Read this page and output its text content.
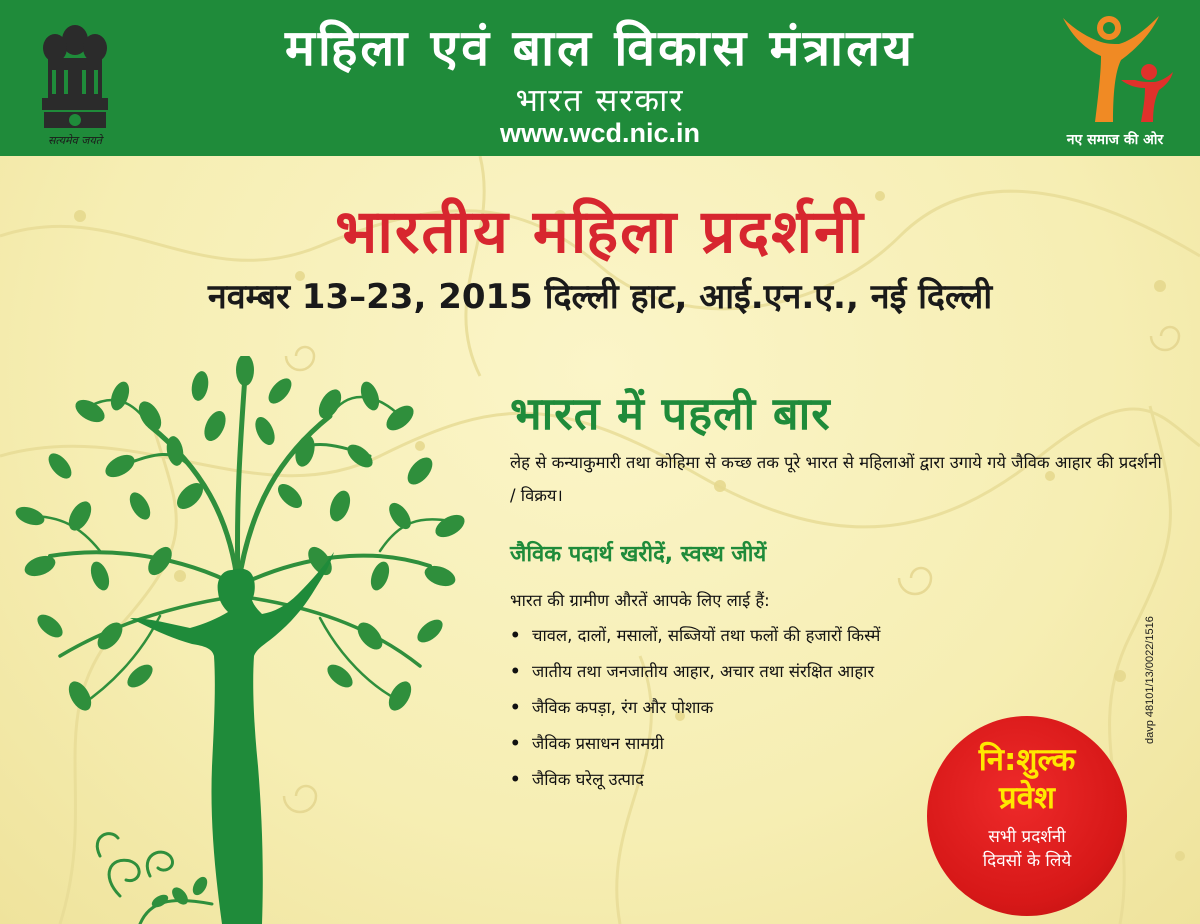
सत्यमेव जयते
महिला एवं बाल विकास मंत्रालय
भारत सरकार
www.wcd.nic.in	नए समाज की ओर
भारतीय महिला प्रदर्शनी
नवम्बर 13–23, 2015 दिल्ली हाट, आई.एन.ए., नई दिल्ली
भारत में पहली बार
लेह से कन्याकुमारी तथा कोहिमा से कच्छ तक पूरे भारत से महिलाओं द्वारा उगाये गये जैविक आहार की प्रदर्शनी / विक्रय।
जैविक पदार्थ खरीदें, स्वस्थ जीयें
भारत की ग्रामीण औरतें आपके लिए लाई हैं:
• चावल, दालों, मसालों, सब्जियों तथा फलों की हजारों किस्में
• जातीय तथा जनजातीय आहार, अचार तथा संरक्षित आहार
• जैविक कपड़ा, रंग और पोशाक
• जैविक प्रसाधन सामग्री
• जैविक घरेलू उत्पाद
नि:शुल्क
प्रवेश
सभी प्रदर्शनी
दिवसों के लिये
davp 48101/13/0022/1516
